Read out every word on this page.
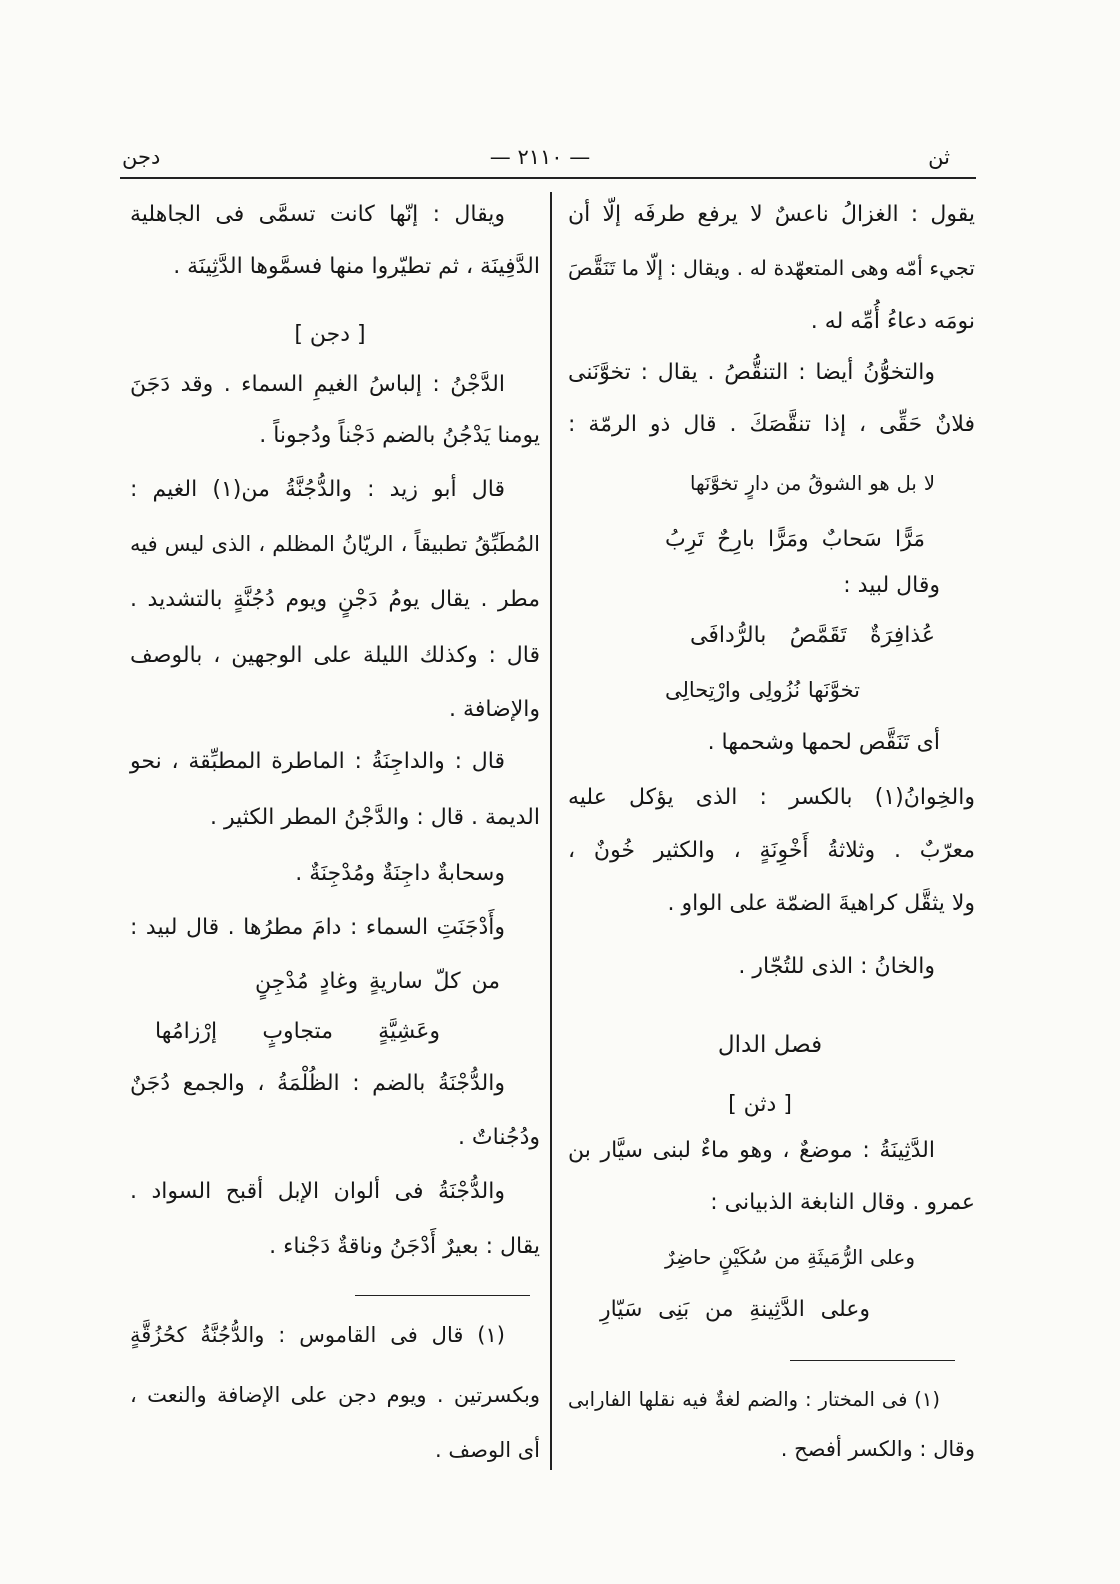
ثن
— ٢١١٠ —
دجن
يقول : الغزالُ ناعسٌ لا يرفع طرفَه إلّا أن
تجيء أمّه وهى المتعهّدة له . ويقال : إلّا ما تَنَقَّصَ
نومَه دعاءُ أُمِّه له .
والتخوُّنُ أيضا : التنقُّصُ . يقال : تخوَّنَنى
فلانٌ حَقِّى ، إذا تنقَّصَكَ . قال ذو الرمّة :
لا بل هو الشوقُ من دارٍ تخوَّنَها
مَرًّا سَحابٌ ومَرًّا بارِحٌ تَرِبُ
وقال لبيد :
عُذافِرَةٌ تَقَمَّصُ بالرُّدافَى
تخوَّنَها نُزُولِى وارْتِحالِى
أى تَنَقَّص لحمها وشحمها .
والخِوانُ(١) بالكسر : الذى يؤكل عليه
معرّبٌ . وثلاثةُ أَخْوِنَةٍ ، والكثير خُونٌ ،
ولا يثقَّل كراهيةَ الضمّة على الواو .
والخانُ : الذى للتُجّار .
فصل الدال
[ دثن ]
الدَّثِينَةُ : موضعٌ ، وهو ماءٌ لبنى سيَّار بن
عمرو . وقال النابغة الذبيانى :
وعلى الرُّمَيثَةِ من سُكَيْنٍ حاضِرٌ
وعلى الدَّثِينةِ من بَنِى سَيّارِ
(١) فى المختار : والضم لغةٌ فيه نقلها الفارابى
وقال : والكسر أفصح .
ويقال : إنّها كانت تسمَّى فى الجاهلية
الدَّفِينَة ، ثم تطيّروا منها فسمَّوها الدَّثِينَة .
[ دجن ]
الدَّجْنُ : إلباسُ الغيمِ السماء . وقد دَجَنَ
يومنا يَدْجُنُ بالضم دَجْناً ودُجوناً .
قال أبو زيد : والدُّجُنَّةُ من(١) الغيم :
المُطَبِّقُ تطبيقاً ، الريّانُ المظلم ، الذى ليس فيه
مطر . يقال يومُ دَجْنٍ ويوم دُجُنَّةٍ بالتشديد .
قال : وكذلك الليلة على الوجهين ، بالوصف
والإضافة .
قال : والداجِنَةُ : الماطرة المطبِّقة ، نحو
الديمة . قال : والدَّجْنُ المطر الكثير .
وسحابةٌ داجِنَةٌ ومُدْجِنَةٌ .
وأَدْجَنَتِ السماء : دامَ مطرُها . قال لبيد :
من كلّ ساريةٍ وغادٍ مُدْجِنٍ
وعَشِيَّةٍ متجاوبٍ إرْزامُها
والدُّجْنَةُ بالضم : الظُلْمَةُ ، والجمع دُجَنٌ
ودُجُناتٌ .
والدُّجْنَةُ فى ألوان الإبل أقبح السواد .
يقال : بعيرٌ أَدْجَنُ وناقةٌ دَجْناء .
(١) قال فى القاموس : والدُّجُنَّةُ كحُزُقَّةٍ
وبكسرتين . ويوم دجن على الإضافة والنعت ،
أى الوصف .
